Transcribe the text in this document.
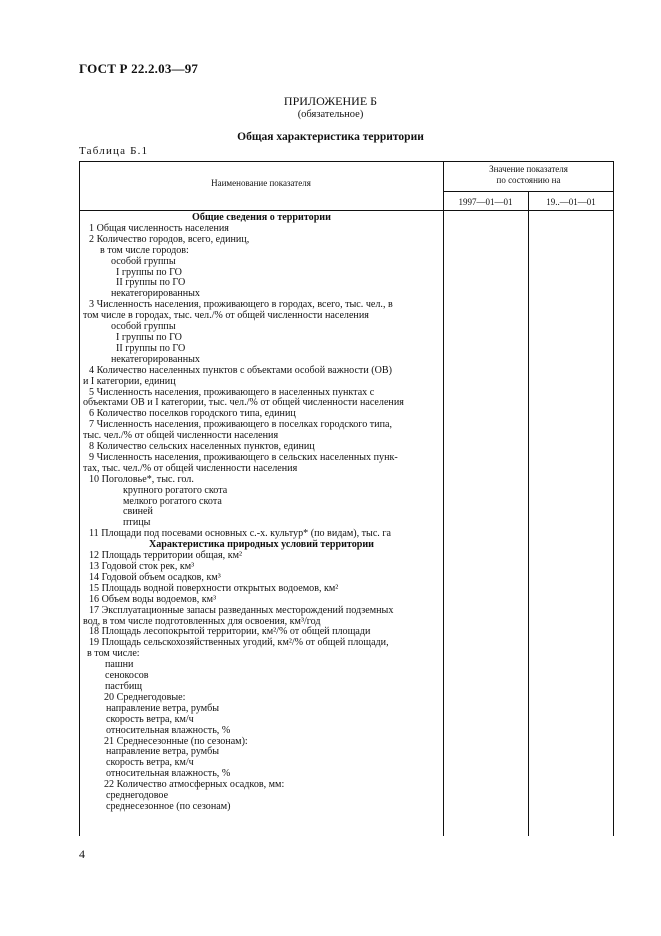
ГОСТ Р 22.2.03—97
ПРИЛОЖЕНИЕ Б
(обязательное)
Общая характеристика территории
Таблица Б.1
Наименование показателя
Значение показателя
по состоянию на
1997—01—01	19..—01—01
Общие сведения о территории
1 Общая численность населения
2 Количество городов, всего, единиц,
в том числе городов:
особой группы
I группы по ГО
II группы по ГО
некатегорированных
3 Численность населения, проживающего в городах, всего, тыс. чел., в
том числе в городах, тыс. чел./% от общей численности населения
особой группы
I группы по ГО
II группы по ГО
некатегорированных
4 Количество населенных пунктов с объектами особой важности (ОВ)
и I категории, единиц
5 Численность населения, проживающего в населенных пунктах с
объектами ОВ и I категории, тыс. чел./% от общей численности населения
6 Количество поселков городского типа, единиц
7 Численность населения, проживающего в поселках городского типа,
тыс. чел./% от общей численности населения
8 Количество сельских населенных пунктов, единиц
9 Численность населения, проживающего в сельских населенных пунк-
тах, тыс. чел./% от общей численности населения
10 Поголовье*, тыс. гол.
крупного рогатого скота
мелкого рогатого скота
свиней
птицы
11 Площади под посевами основных с.-х. культур* (по видам), тыс. га
Характеристика природных условий территории
12 Площадь территории общая, км²
13 Годовой сток рек, км³
14 Годовой объем осадков, км³
15 Площадь водной поверхности открытых водоемов, км²
16 Объем воды водоемов, км³
17 Эксплуатационные запасы разведанных месторождений подземных
вод, в том числе подготовленных для освоения, км³/год
18 Площадь лесопокрытой территории, км²/% от общей площади
19 Площадь сельскохозяйственных угодий, км²/% от общей площади,
в том числе:
пашни
сенокосов
пастбищ
20 Среднегодовые:
направление ветра, румбы
скорость ветра, км/ч
относительная влажность, %
21 Среднесезонные (по сезонам):
направление ветра, румбы
скорость ветра, км/ч
относительная влажность, %
22 Количество атмосферных осадков, мм:
среднегодовое
среднесезонное (по сезонам)
4
